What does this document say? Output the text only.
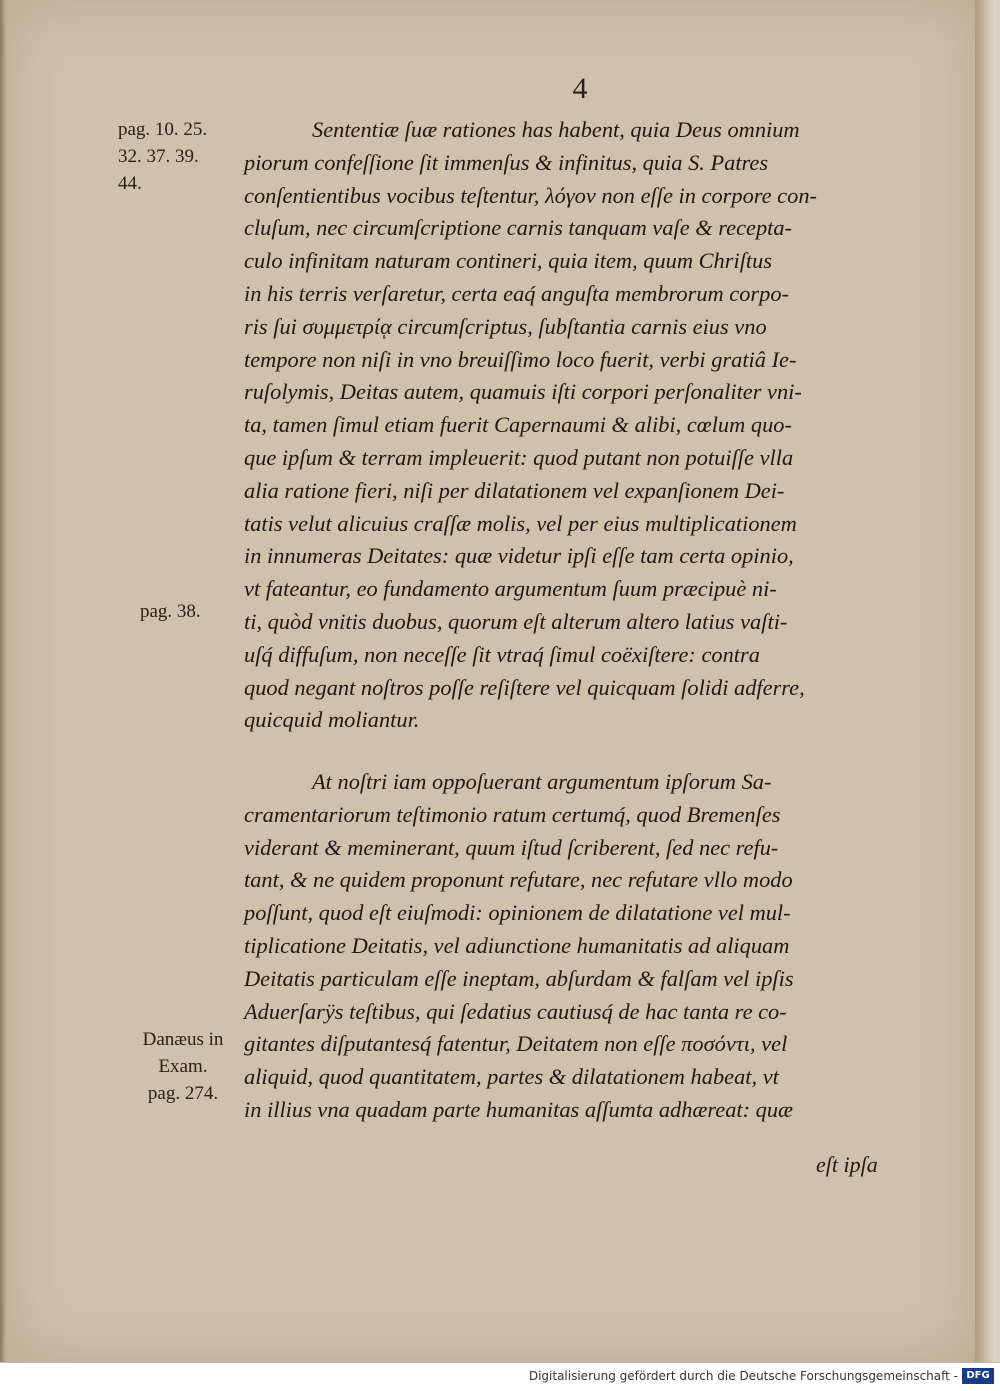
4
pag. 10. 25.
32. 37. 39.
44.
pag. 38.
Danæus in
Exam.
pag. 274.
Sententiæ ſuæ rationes has habent, quia Deus omnium
piorum confeſſione ſit immenſus & infinitus, quia S. Patres
conſentientibus vocibus teſtentur, λόγον non eſſe in corpore con-
cluſum, nec circumſcriptione carnis tanquam vaſe & recepta-
culo infinitam naturam contineri, quia item, quum Chriſtus
in his terris verſaretur, certa eaq́ anguſta membrorum corpo-
ris ſui συμμετρίᾳ circumſcriptus, ſubſtantia carnis eius vno
tempore non niſi in vno breuiſſimo loco fuerit, verbi gratiâ Ie-
ruſolymis, Deitas autem, quamuis iſti corpori perſonaliter vni-
ta, tamen ſimul etiam fuerit Capernaumi & alibi, cœlum quo-
que ipſum & terram impleuerit: quod putant non potuiſſe vlla
alia ratione fieri, niſi per dilatationem vel expanſionem Dei-
tatis velut alicuius craſſæ molis, vel per eius multiplicationem
in innumeras Deitates: quæ videtur ipſi eſſe tam certa opinio,
vt fateantur, eo fundamento argumentum ſuum præcipuè ni-
ti, quòd vnitis duobus, quorum eſt alterum altero latius vaſti-
uſq́ diffuſum, non neceſſe ſit vtraq́ ſimul coëxiſtere: contra
quod negant noſtros poſſe reſiſtere vel quicquam ſolidi adferre,
quicquid moliantur.
At noſtri iam oppoſuerant argumentum ipſorum Sa-
cramentariorum teſtimonio ratum certumq́, quod Bremenſes
viderant & meminerant, quum iſtud ſcriberent, ſed nec refu-
tant, & ne quidem proponunt refutare, nec refutare vllo modo
poſſunt, quod eſt eiuſmodi: opinionem de dilatatione vel mul-
tiplicatione Deitatis, vel adiunctione humanitatis ad aliquam
Deitatis particulam eſſe ineptam, abſurdam & falſam vel ipſis
Aduerſarÿs teſtibus, qui ſedatius cautiusq́ de hac tanta re co-
gitantes diſputantesq́ fatentur, Deitatem non eſſe ποσόντι, vel
aliquid, quod quantitatem, partes & dilatationem habeat, vt
in illius vna quadam parte humanitas aſſumta adhæreat: quæ
eſt ipſa
Digitalisierung gefördert durch die Deutsche Forschungsgemeinschaft - DFG
